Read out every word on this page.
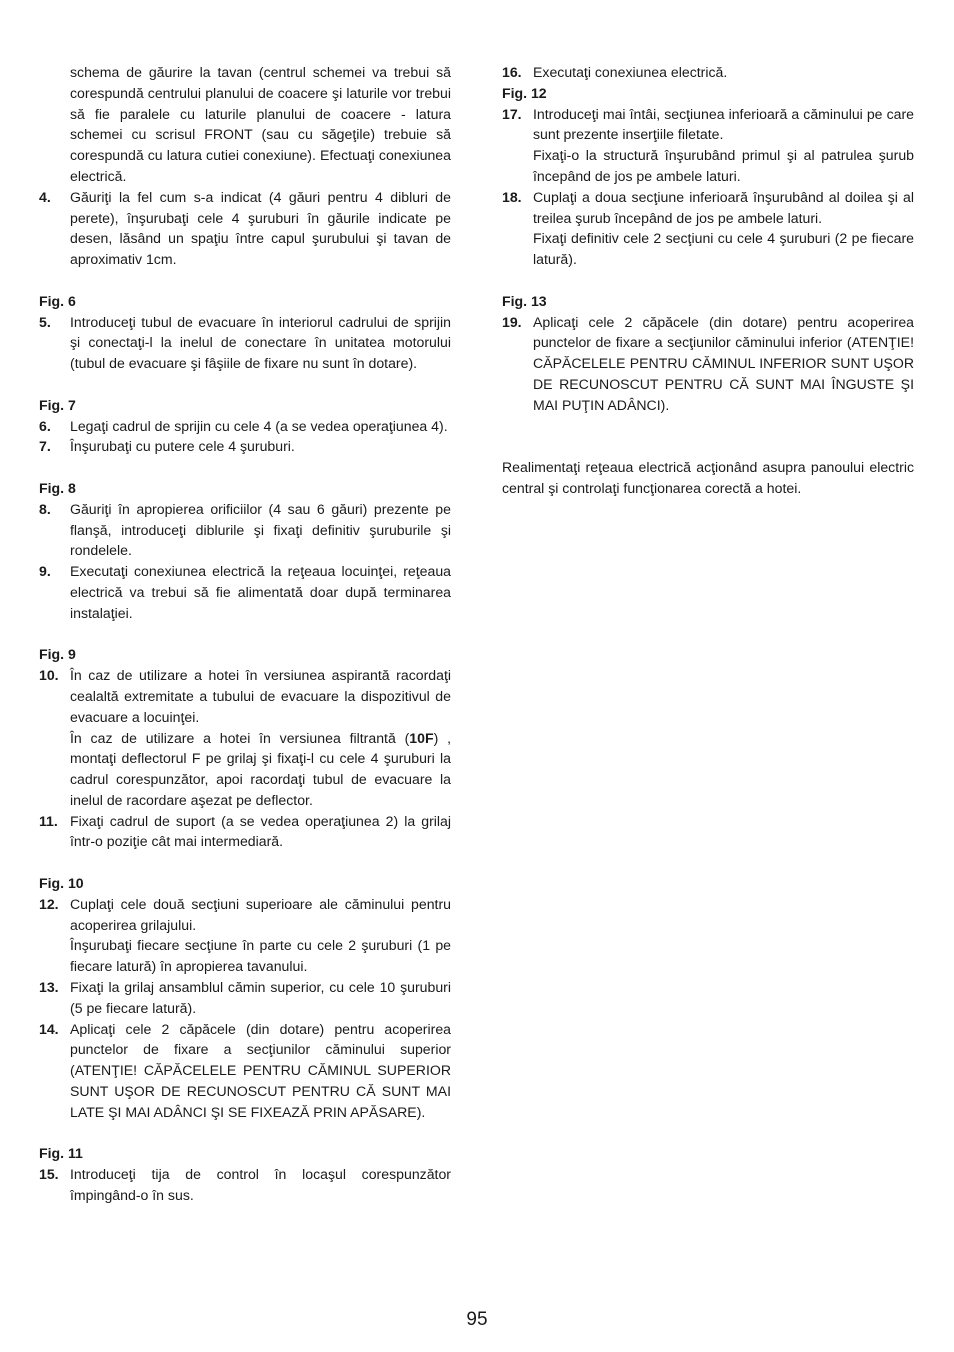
schema de găurire la tavan (centrul schemei va trebui să corespundă centrului planului de coacere şi laturile vor trebui să fie paralele cu laturile planului de coacere - latura schemei cu scrisul FRONT (sau cu săgeţile) trebuie să corespundă cu latura cutiei conexiune). Efectuaţi conexiunea electrică.
4.	Găuriţi la fel cum s-a indicat (4 găuri pentru 4 dibluri de perete), înşurubaţi cele 4 şuruburi în găurile indicate pe desen, lăsând un spaţiu între capul şurubului şi tavan de aproximativ 1cm.
Fig. 6
5.	Introduceţi tubul de evacuare în interiorul cadrului de sprijin şi conectaţi-l la inelul de conectare în unitatea motorului (tubul de evacuare şi fâşiile de fixare nu sunt în dotare).
Fig. 7
6.	Legaţi cadrul de sprijin cu cele 4 (a se vedea operaţiunea 4).
7.	Înşurubaţi cu putere cele 4 şuruburi.
Fig. 8
8.	Găuriţi în apropierea orificiilor (4 sau 6 găuri) prezente pe flanşă, introduceţi diblurile şi fixaţi definitiv şuruburile şi rondelele.
9.	Executaţi conexiunea electrică la reţeaua locuinţei, reţeaua electrică va trebui să fie alimentată doar după terminarea instalaţiei.
Fig. 9
10. În caz de utilizare a hotei în versiunea aspirantă racordaţi cealaltă extremitate a tubului de evacuare la dispozitivul de evacuare a locuinţei.
În caz de utilizare a hotei în versiunea filtrantă (10F) , montaţi deflectorul F pe grilaj şi fixaţi-l cu cele 4 şuruburi la cadrul corespunzător, apoi racordaţi tubul de evacuare la inelul de racordare aşezat pe deflector.
11. Fixaţi cadrul de suport (a se vedea operaţiunea 2) la grilaj într-o poziţie cât mai intermediară.
Fig. 10
12. Cuplaţi cele două secţiuni superioare ale căminului pentru acoperirea grilajului.
Înşurubaţi fiecare secţiune în parte cu cele 2 şuruburi (1 pe fiecare latură) în apropierea tavanului.
13. Fixaţi la grilaj ansamblul cămin superior, cu cele 10 şuruburi (5 pe fiecare latură).
14. Aplicaţi cele 2 căpăcele (din dotare) pentru acoperirea punctelor de fixare a secţiunilor căminului superior (ATENŢIE! CĂPĂCELELE PENTRU CĂMINUL SUPERIOR SUNT UŞOR DE RECUNOSCUT PENTRU CĂ SUNT MAI LATE ŞI MAI ADÂNCI ŞI SE FIXEAZĂ PRIN APĂSARE).
Fig. 11
15. Introduceţi tija de control în locaşul corespunzător împingând-o în sus.
16. Executaţi conexiunea electrică.
Fig. 12
17. Introduceţi mai întâi, secţiunea inferioară a căminului pe care sunt prezente inserţiile filetate.
Fixaţi-o la structură înşurubând primul şi al patrulea şurub începând de jos pe ambele laturi.
18. Cuplaţi a doua secţiune inferioară înşurubând al doilea şi al treilea şurub începând de jos pe ambele laturi.
Fixaţi definitiv cele 2 secţiuni cu cele 4 şuruburi (2 pe fiecare latură).
Fig. 13
19. Aplicaţi cele 2 căpăcele (din dotare) pentru acoperirea punctelor de fixare a secţiunilor căminului inferior (ATENŢIE! CĂPĂCELELE PENTRU CĂMINUL INFERIOR SUNT UŞOR DE RECUNOSCUT PENTRU CĂ SUNT MAI ÎNGUSTE ŞI MAI PUŢIN ADÂNCI).
Realimentaţi reţeaua electrică acţionând asupra panoului electric central şi controlaţi funcţionarea corectă a hotei.
95
